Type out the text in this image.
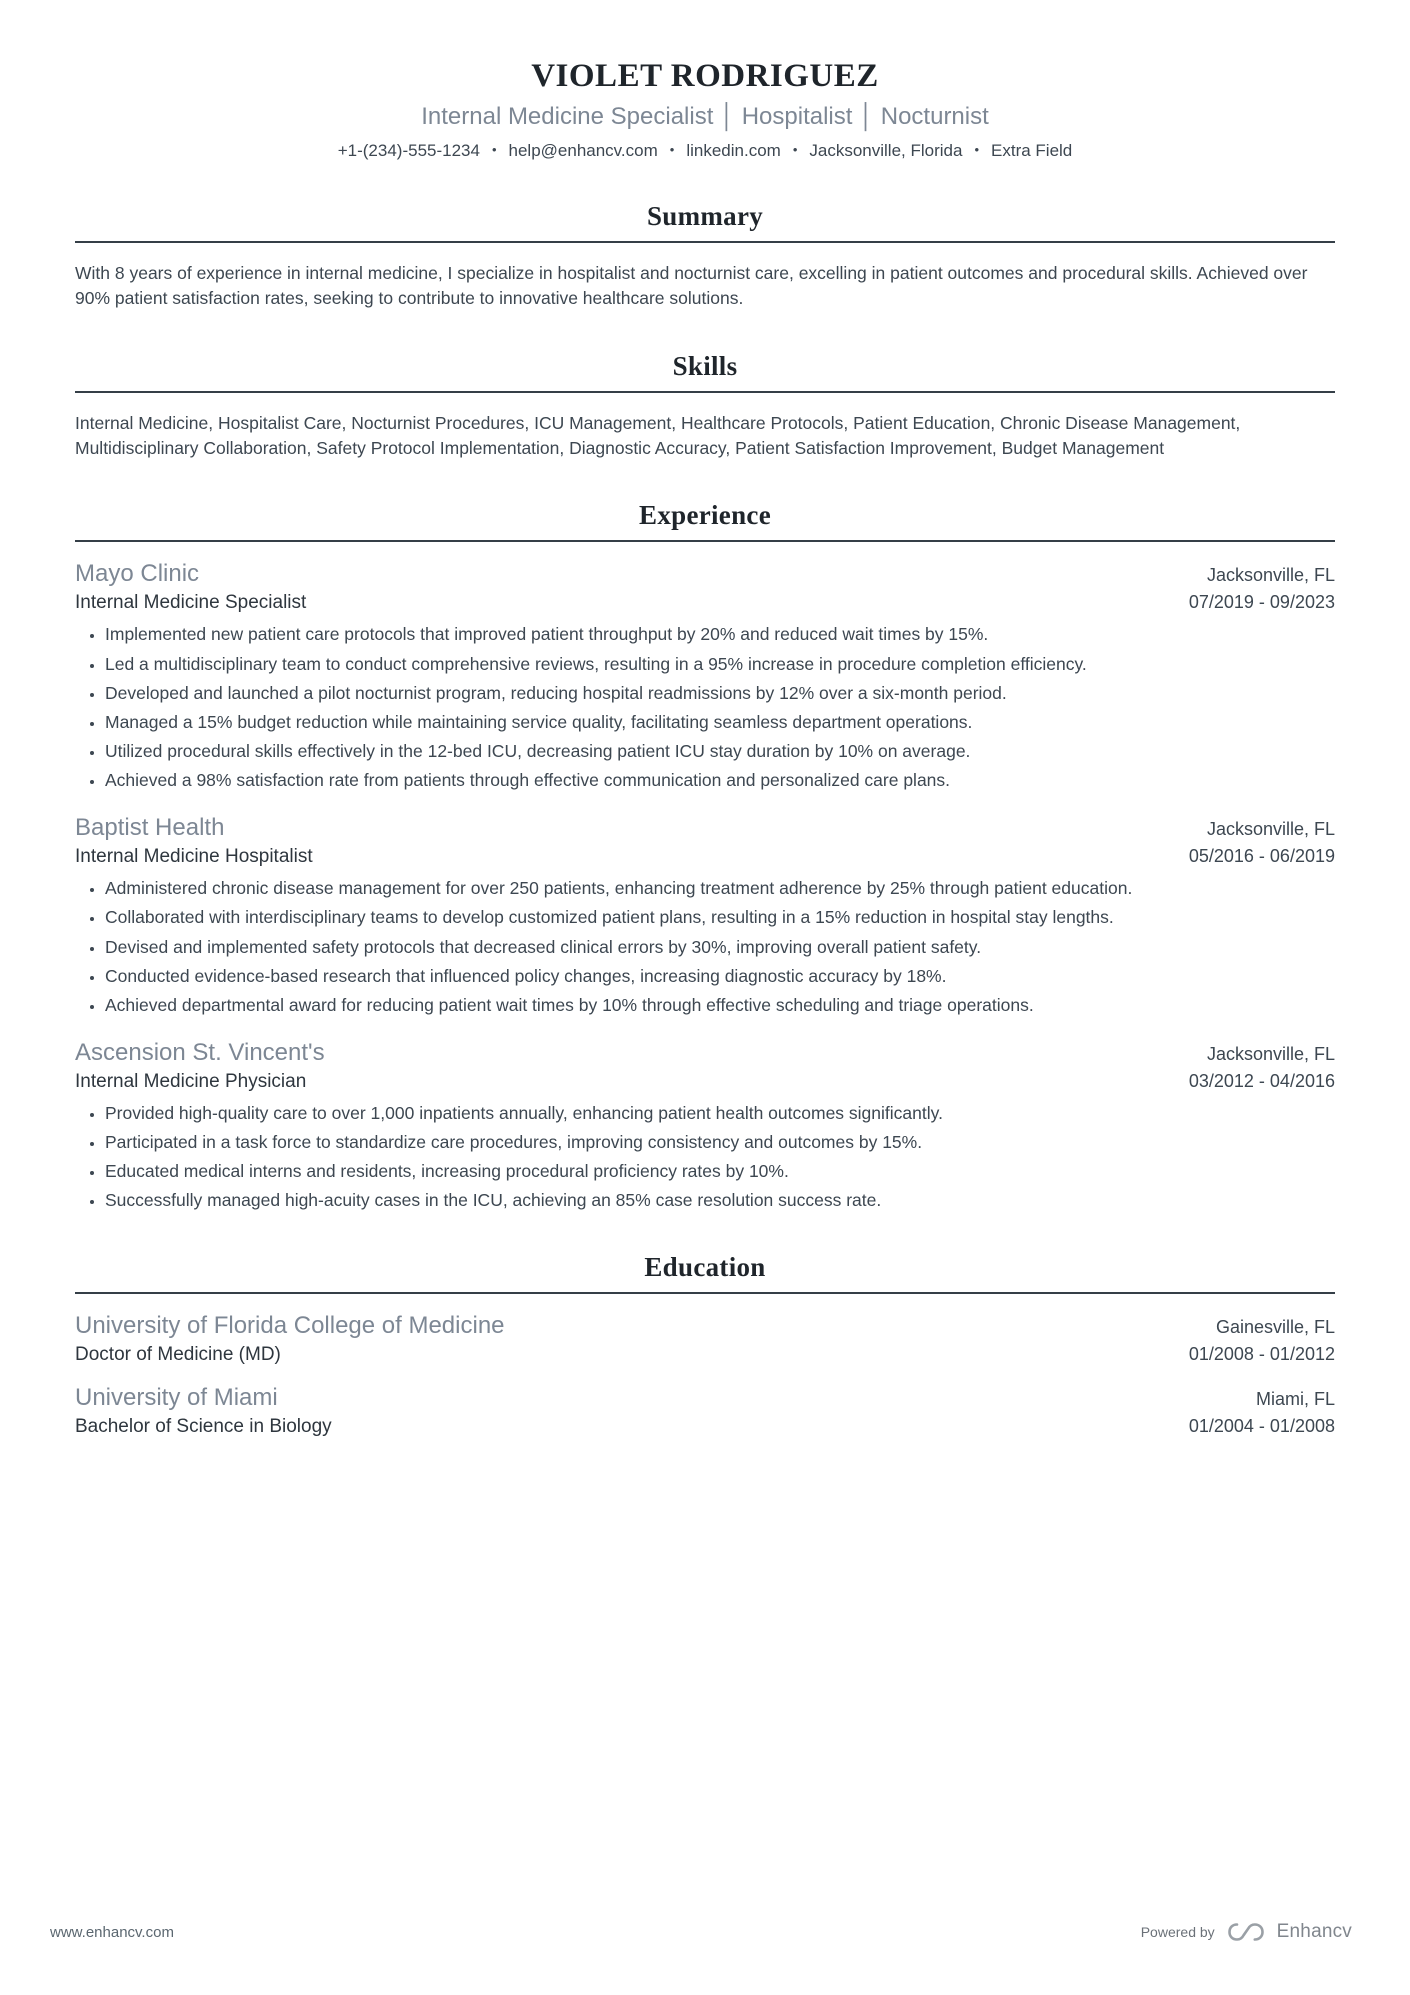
VIOLET RODRIGUEZ
Internal Medicine Specialist │ Hospitalist │ Nocturnist
+1-(234)-555-1234 • help@enhancv.com • linkedin.com • Jacksonville, Florida • Extra Field
Summary

With 8 years of experience in internal medicine, I specialize in hospitalist and nocturnist care, excelling in patient outcomes and procedural skills. Achieved over 90% patient satisfaction rates, seeking to contribute to innovative healthcare solutions.

Skills

Internal Medicine, Hospitalist Care, Nocturnist Procedures, ICU Management, Healthcare Protocols, Patient Education, Chronic Disease Management, Multidisciplinary Collaboration, Safety Protocol Implementation, Diagnostic Accuracy, Patient Satisfaction Improvement, Budget Management

Experience
Mayo Clinic	Jacksonville, FL
Internal Medicine Specialist	07/2019 - 09/2023
• Implemented new patient care protocols that improved patient throughput by 20% and reduced wait times by 15%.
• Led a multidisciplinary team to conduct comprehensive reviews, resulting in a 95% increase in procedure completion efficiency.
• Developed and launched a pilot nocturnist program, reducing hospital readmissions by 12% over a six-month period.
• Managed a 15% budget reduction while maintaining service quality, facilitating seamless department operations.
• Utilized procedural skills effectively in the 12-bed ICU, decreasing patient ICU stay duration by 10% on average.
• Achieved a 98% satisfaction rate from patients through effective communication and personalized care plans.
Baptist Health	Jacksonville, FL
Internal Medicine Hospitalist	05/2016 - 06/2019
• Administered chronic disease management for over 250 patients, enhancing treatment adherence by 25% through patient education.
• Collaborated with interdisciplinary teams to develop customized patient plans, resulting in a 15% reduction in hospital stay lengths.
• Devised and implemented safety protocols that decreased clinical errors by 30%, improving overall patient safety.
• Conducted evidence-based research that influenced policy changes, increasing diagnostic accuracy by 18%.
• Achieved departmental award for reducing patient wait times by 10% through effective scheduling and triage operations.
Ascension St. Vincent's	Jacksonville, FL
Internal Medicine Physician	03/2012 - 04/2016
• Provided high-quality care to over 1,000 inpatients annually, enhancing patient health outcomes significantly.
• Participated in a task force to standardize care procedures, improving consistency and outcomes by 15%.
• Educated medical interns and residents, increasing procedural proficiency rates by 10%.
• Successfully managed high-acuity cases in the ICU, achieving an 85% case resolution success rate.
Education
University of Florida College of Medicine	Gainesville, FL
Doctor of Medicine (MD)	01/2008 - 01/2012
University of Miami	Miami, FL
Bachelor of Science in Biology	01/2004 - 01/2008
www.enhancv.com	Powered by	Enhancv
